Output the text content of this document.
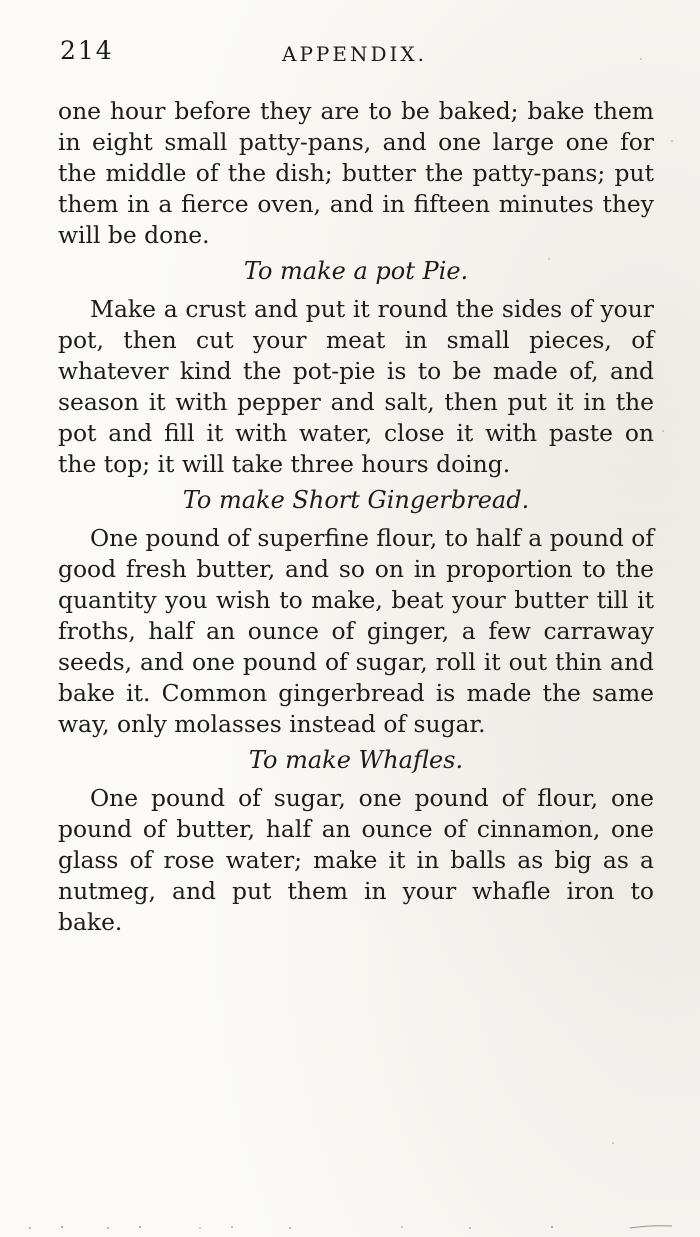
214	APPENDIX.

one hour before they are to be baked; bake them in eight small patty-pans, and one large one for the middle of the dish; butter the patty-pans; put them in a fierce oven, and in fifteen minutes they will be done.

To make a pot Pie.

Make a crust and put it round the sides of your pot, then cut your meat in small pieces, of whatever kind the pot-pie is to be made of, and season it with pepper and salt, then put it in the pot and fill it with water, close it with paste on the top; it will take three hours doing.

To make Short Gingerbread.

One pound of superfine flour, to half a pound of good fresh butter, and so on in proportion to the quantity you wish to make, beat your butter till it froths, half an ounce of ginger, a few carraway seeds, and one pound of sugar, roll it out thin and bake it. Common gingerbread is made the same way, only molasses instead of sugar.

To make Whafles.

One pound of sugar, one pound of flour, one pound of butter, half an ounce of cinnamon, one glass of rose water; make it in balls as big as a nutmeg, and put them in your whafle iron to bake.
